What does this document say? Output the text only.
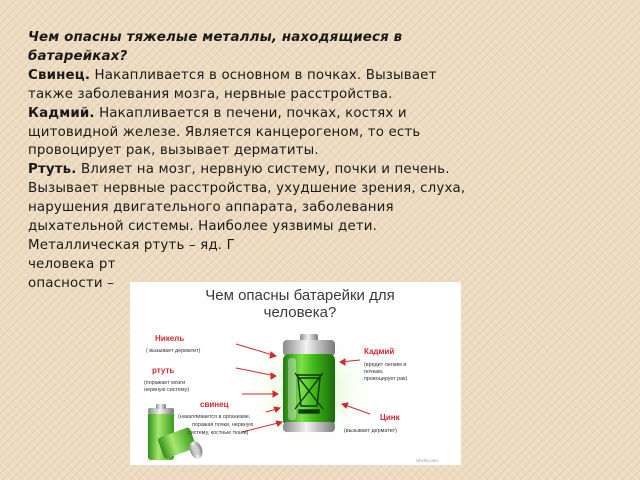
Чем опасны тяжелые металлы, находящиеся в батарейках?

Свинец. Накапливается в основном в почках. Вызывает также заболевания мозга, нервные расстройства.

Кадмий. Накапливается в печени, почках, костях и щитовидной железе. Является канцерогеном, то есть провоцирует рак, вызывает дерматиты.

Ртуть. Влияет на мозг, нервную систему, почки и печень. Вызывает нервные расстройства, ухудшение зрения, слуха, нарушения двигательного аппарата, заболевания дыхательной системы. Наиболее уязвимы дети. Металлическая ртуть – яд. Г

человека рт

опасности –

Чем опасны батарейки для
человека?
Никель
( вызывает дерматит)
ртуть
(поражает мозги
нервную систему)
свинец
(накапливается в организме,
поражая почки, нервную
систему, костные ткани)
Кадмий
(вредит легким и
почкам,
провоцирует рак)
Цинк
(вызывает дерматит)
sibcity.com
